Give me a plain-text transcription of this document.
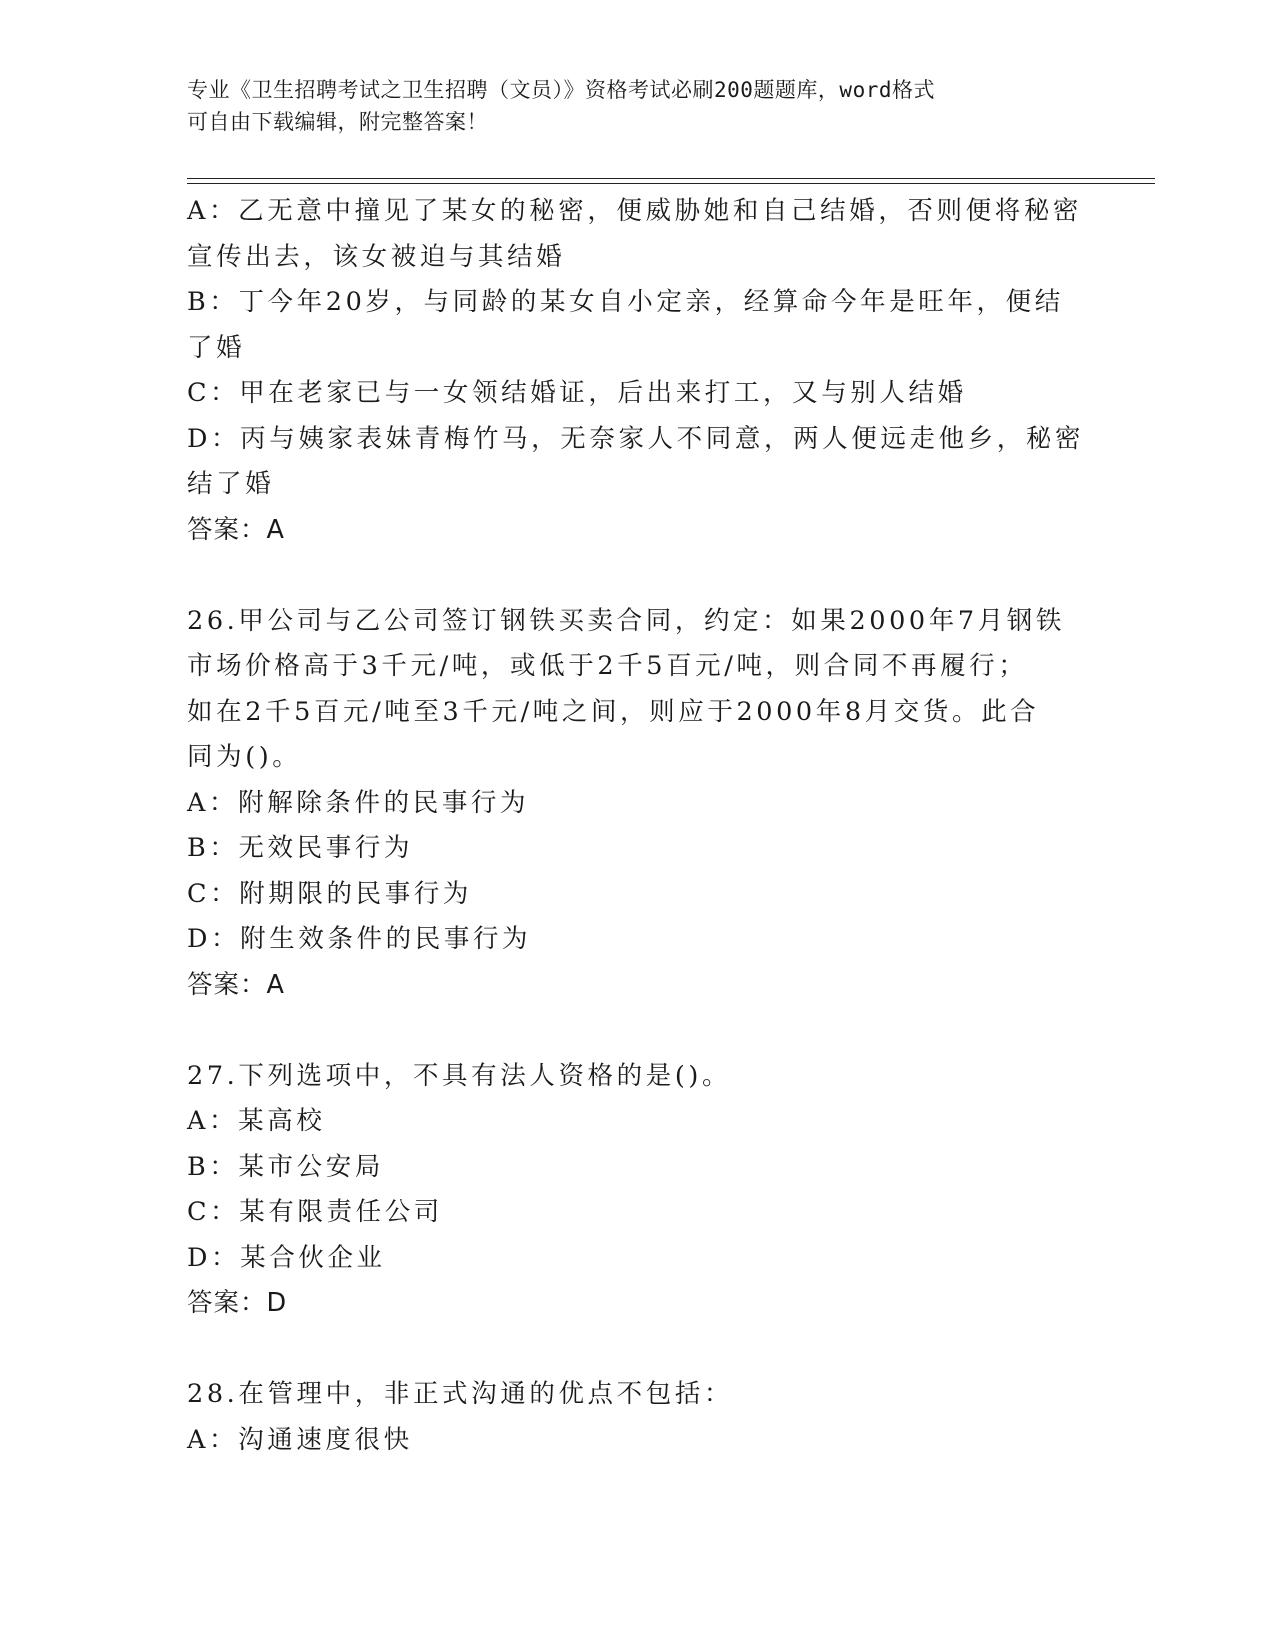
专业《卫生招聘考试之卫生招聘（文员）》资格考试必刷200题题库，word格式
可自由下载编辑，附完整答案！
A：乙无意中撞见了某女的秘密，便威胁她和自己结婚，否则便将秘密
宣传出去，该女被迫与其结婚
B：丁今年20岁，与同龄的某女自小定亲，经算命今年是旺年，便结
了婚
C：甲在老家已与一女领结婚证，后出来打工，又与别人结婚
D：丙与姨家表妹青梅竹马，无奈家人不同意，两人便远走他乡，秘密
结了婚
答案：A
26.甲公司与乙公司签订钢铁买卖合同，约定：如果2000年7月钢铁
市场价格高于3千元/吨，或低于2千5百元/吨，则合同不再履行；
如在2千5百元/吨至3千元/吨之间，则应于2000年8月交货。此合
同为()。
A：附解除条件的民事行为
B：无效民事行为
C：附期限的民事行为
D：附生效条件的民事行为
答案：A
27.下列选项中，不具有法人资格的是()。
A：某高校
B：某市公安局
C：某有限责任公司
D：某合伙企业
答案：D
28.在管理中，非正式沟通的优点不包括：
A：沟通速度很快
